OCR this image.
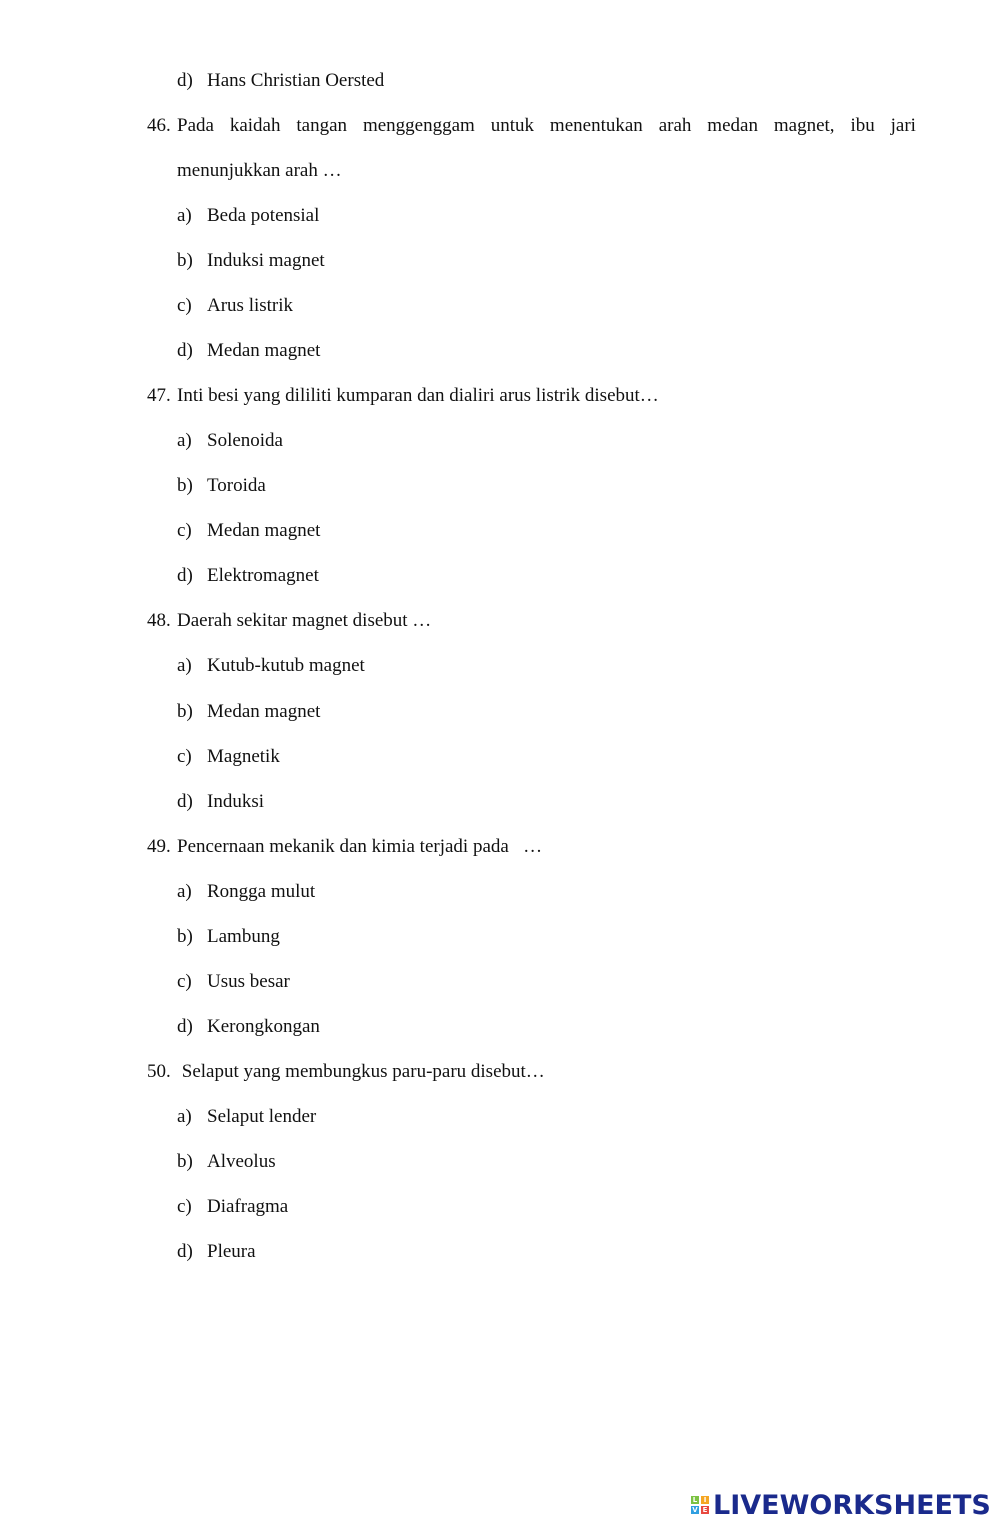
d) Hans Christian Oersted
46. Pada kaidah tangan menggenggam untuk menentukan arah medan magnet, ibu jari
menunjukkan arah …
a) Beda potensial
b) Induksi magnet
c) Arus listrik
d) Medan magnet
47. Inti besi yang dililiti kumparan dan dialiri arus listrik disebut…
a) Solenoida
b) Toroida
c) Medan magnet
d) Elektromagnet
48. Daerah sekitar magnet disebut …
a) Kutub-kutub magnet
b) Medan magnet
c) Magnetik
d) Induksi
49. Pencernaan mekanik dan kimia terjadi pada   …
a) Rongga mulut
b) Lambung
c) Usus besar
d) Kerongkongan
50. Selaput yang membungkus paru-paru disebut…
a) Selaput lender
b) Alveolus
c) Diafragma
d) Pleura
L I
V E LIVEWORKSHEETS
